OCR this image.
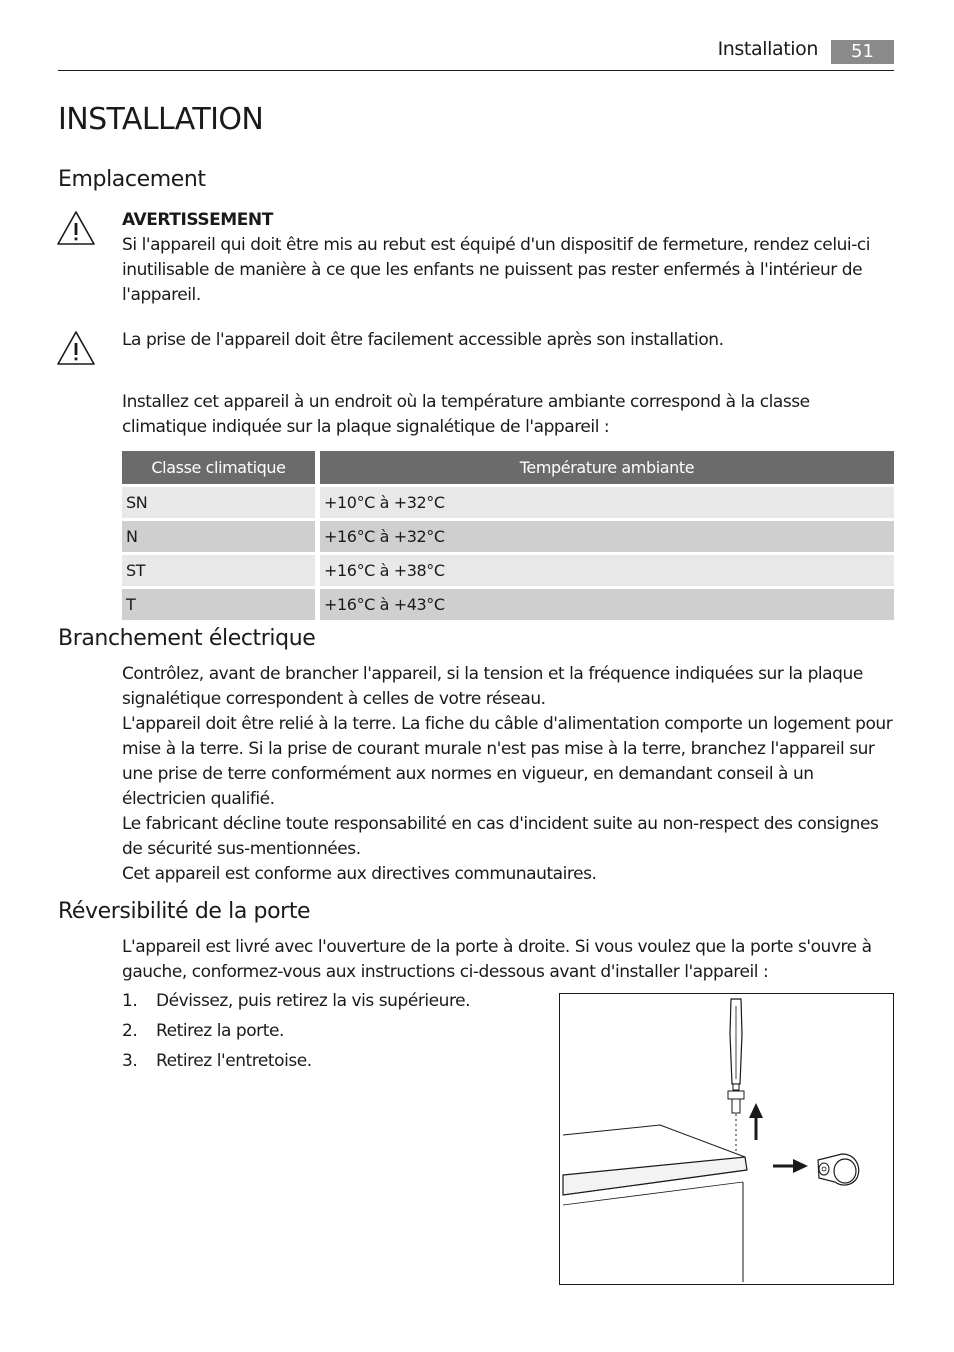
Installation	51
INSTALLATION
Emplacement
AVERTISSEMENT
Si l'appareil qui doit être mis au rebut est équipé d'un dispositif de fermeture, rendez celui-ci inutilisable de manière à ce que les enfants ne puissent pas rester enfermés à l'intérieur de l'appareil.
La prise de l'appareil doit être facilement accessible après son installation.
Installez cet appareil à un endroit où la température ambiante correspond à la classe climatique indiquée sur la plaque signalétique de l'appareil :
Classe climatique	Température ambiante
SN	+10°C à +32°C
N	+16°C à +32°C
ST	+16°C à +38°C
T	+16°C à +43°C
Branchement électrique
Contrôlez, avant de brancher l'appareil, si la tension et la fréquence indiquées sur la plaque signalétique correspondent à celles de votre réseau.
L'appareil doit être relié à la terre. La fiche du câble d'alimentation comporte un logement pour mise à la terre. Si la prise de courant murale n'est pas mise à la terre, branchez l'appareil sur une prise de terre conformément aux normes en vigueur, en demandant conseil à un électricien qualifié.
Le fabricant décline toute responsabilité en cas d'incident suite au non-respect des consignes de sécurité sus-mentionnées.
Cet appareil est conforme aux directives communautaires.
Réversibilité de la porte
L'appareil est livré avec l'ouverture de la porte à droite. Si vous voulez que la porte s'ouvre à gauche, conformez-vous aux instructions ci-dessous avant d'installer l'appareil :
1. Dévissez, puis retirez la vis supérieure.
2. Retirez la porte.
3. Retirez l'entretoise.
